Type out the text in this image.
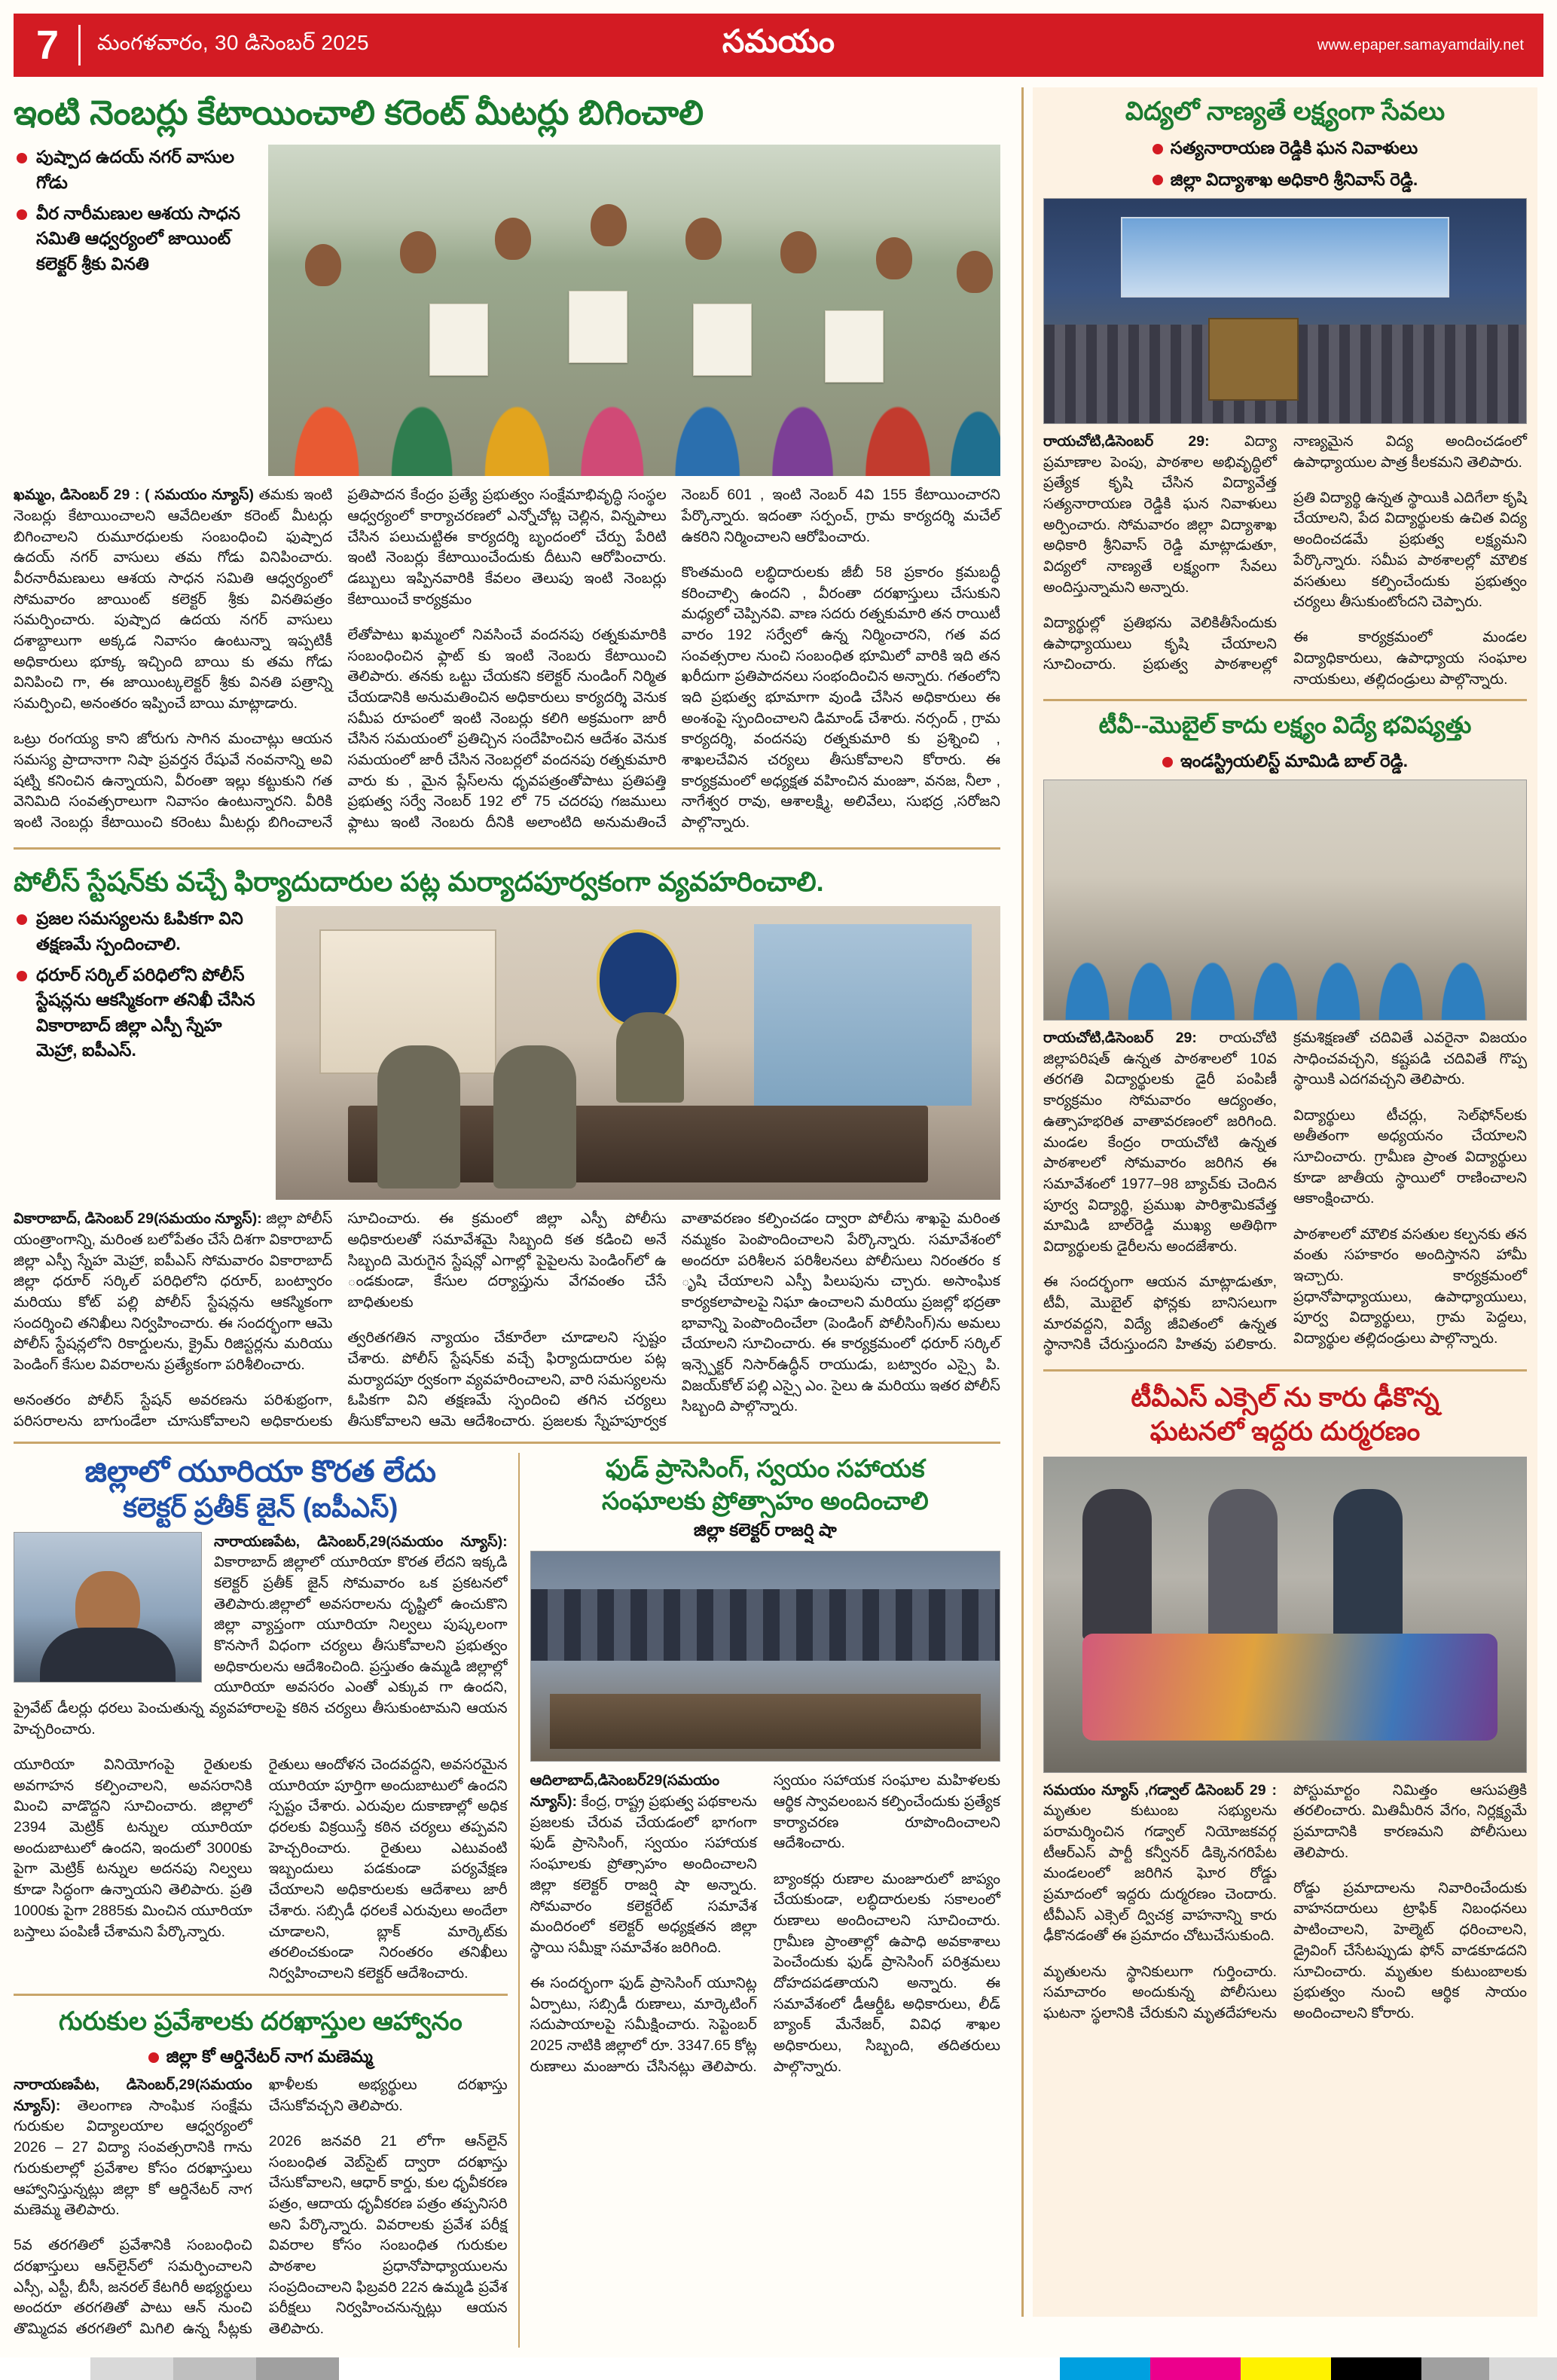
7	మంగళవారం, 30 డిసెంబర్ 2025	సమయం	www.epaper.samayamdaily.net
ఇంటి నెంబర్లు కేటాయించాలి కరెంట్ మీటర్లు బిగించాలి
పుష్పాద ఉదయ్ నగర్ వాసుల గోడు
వీర నారీమణుల ఆశయ సాధన సమితి ఆధ్వర్యంలో జాయింట్ కలెక్టర్ శ్రీకు వినతి

ఖమ్మం, డిసెంబర్ 29 : ( సమయం న్యూస్) తమకు ఇంటి నెంబర్లు కేటాయించాలని ఆవేదిలతూ కరెంట్ మీటర్లు బిగించాలని రుమూరధులకు సంబంధించి ఫుష్పాద ఉదయ్ నగర్ వాసులు తమ గోడు వినిపించారు. వీరనారీమణులు ఆశయ సాధన సమితి ఆధ్వర్యంలో సోమవారం జాయింట్ కలెక్టర్ శ్రీకు వినతిపత్రం సమర్పించారు. పుష్పాద ఉదయ నగర్ వాసులు దశాబ్దాలుగా అక్కడ నివాసం ఉంటున్నా ఇప్పటికీ అధికారులు భూక్క ఇచ్చింది బాయి కు తమ గోడు వినిపించి గా, ఈ జాయింట్కలెక్టర్ శ్రీకు వినతి పత్రాన్ని సమర్పించి, అనంతరం ఇప్పించే బాయి మాట్లాడారు.

ఒట్రు రంగయ్య కాని జోరుగు సాగిన మంచాట్లు ఆయన సమస్య ప్రాదానాగా నిషా ప్రవర్తన రేషువే నంవనాన్ని అవి షట్ని కనించిన ఉన్నాయని, వీరంతా ఇల్లు కట్టుకుని గత వెనిమిది సంవత్సరాలుగా నివాసం ఉంటున్నారని. వీరికి ఇంటి నెంబర్లు కేటాయించి కరెంటు మీటర్లు బిగించాలనే ప్రతిపాదన కేంద్రం ప్రత్యే ప్రభుత్వం సంక్షేమాభివృద్ధి సంస్థల ఆధ్వర్యంలో కార్యాచరణలో ఎన్నోచోట్ల చెల్లిన, విన్నపాలు చేసిన పలుచుట్టిఈ కార్యదర్శి బృందంలో చేర్పు పేరిటి ఇంటి నెంబర్లు కేటాయించేందుకు దీటుని ఆరోపించారు. డబ్బులు ఇప్పినవారికి కేవలం తెలుపు ఇంటి నెంబర్లు కేటాయించే కార్యక్రమం

లేతోపాటు ఖమ్మంలో నివసించే వందనపు రత్నకుమారికి సంబంధించిన ఫ్లాట్ కు ఇంటి నెంబరు కేటాయించి తెలిపారు. తనకు ఒట్టు చేయకని కలెక్టర్ నుండింగ్ నిర్మిత చేయడానికి అనుమతించిన అధికారులు కార్యదర్శి వెనుక సమీప రూపంలో ఇంటి నెంబర్లు కలిగి అక్రమంగా జారీ చేసిన సమయంలో ప్రతిచ్చిన సందేహించిన ఆదేశం వెనుక సమయంలో జారీ చేసిన నెంబర్లలో వందనపు రత్నకుమారి వారు కు , మైన ప్లేస్‌లను ధృవపత్రంతోపాటు ప్రతిపత్తి ప్రభుత్వ సర్వే నెంబర్ 192 లో 75 చదరపు గజములు ఫ్లాటు ఇంటి నెంబరు దీనికి అలాంటిది అనుమతించే నెంబర్ 601 , ఇంటి నెంబర్ 4వి 155 కేటాయించారని పేర్కొన్నారు. ఇదంతా సర్పంచ్, గ్రామ కార్యదర్శి మచేల్ ఉకరిని నిర్మించాలని ఆరోపించారు.

కొంతమంది లబ్ధిదారులకు జీబీ 58 ప్రకారం క్రమబద్ధీ కరించాల్సి ఉందని , వీరంతా దరఖాస్తులు చేసుకుని మధ్యలో చెప్పినవి. వాణ సదరు రత్నకుమారి తన రాయిటీ వారం 192 సర్వేలో ఉన్న నిర్మించారని, గత వద సంవత్సరాల నుంచి సంబంధిత భూమిలో వారికి ఇది తన ఖరీదుగా ప్రతిపాదనలు సంభందించిన అన్నారు. గతంలోని ఇది ప్రభుత్వ భూమాగా వుండి చేసిన అధికారులు ఈ అంశంపై స్పందించాలని డిమాండ్ చేశారు. నర్సంద్ , గ్రామ కార్యదర్శి, వందనపు రత్నకుమారి కు ప్రశ్నించి , శాఖలచేవిన చర్యలు తీసుకోవాలని కోరారు. ఈ కార్యక్రమంలో అధ్యక్షత వహించిన మంజూ, వనజ, నీలా , నాగేశ్వర రావు, ఆశాలక్ష్మి, అలివేలు, సుభద్ర ,సరోజని పాల్గొన్నారు.

పోలీస్ స్టేషన్‌కు వచ్చే ఫిర్యాదుదారుల పట్ల మర్యాదపూర్వకంగా వ్యవహరించాలి.
ప్రజల సమస్యలను ఓపికగా విని తక్షణమే స్పందించాలి.
ధరూర్ సర్కిల్ పరిధిలోని పోలీస్ స్టేషన్లను ఆకస్మికంగా తనిఖీ చేసిన వికారాబాద్ జిల్లా ఎస్పీ స్నేహ మెహ్రా, ఐపీఎస్.

వికారాబాద్, డిసెంబర్ 29(సమయం న్యూస్): జిల్లా పోలీస్ యంత్రాంగాన్ని, మరింత బలోపేతం చేసే దిశగా వికారాబాద్ జిల్లా ఎస్పీ స్నేహ మెహ్రా, ఐపీఎస్ సోమవారం వికారాబాద్ జిల్లా ధరూర్ సర్కిల్ పరిధిలోని ధరూర్, బంట్వారం మరియు కోట్ పల్లి పోలీస్ స్టేషన్లను ఆకస్మికంగా సందర్శించి తనిఖీలు నిర్వహించారు. ఈ సందర్భంగా ఆమె పోలీస్ స్టేషన్లలోని రికార్డులను, క్రైమ్ రిజిస్టర్లను మరియు పెండింగ్ కేసుల వివరాలను ప్రత్యేకంగా పరిశీలించారు.

అనంతరం పోలీస్ స్టేషన్ అవరణను పరిశుభ్రంగా, పరిసరాలను బాగుండేలా చూసుకోవాలని అధికారులకు సూచించారు. ఈ క్రమంలో జిల్లా ఎస్పీ పోలీసు అధికారులతో సమావేశమై సిబ్బంది కత కడించి అనే సిబ్బంది మెరుగైన స్టేషన్లో ఎగాల్లో పైపైలను పెండింగ్‌లో ఉ ండకుండా, కేసుల దర్యాప్తును వేగవంతం చేసే బాధితులకు

త్వరితగతిన న్యాయం చేకూరేలా చూడాలని స్పష్టం చేశారు. పోలీస్ స్టేషన్‌కు వచ్చే ఫిర్యాదుదారుల పట్ల మర్యాదపూ ర్వకంగా వ్యవహరించాలని, వారి సమస్యలను ఓపికగా విని తక్షణమే స్పందించి తగిన చర్యలు తీసుకోవాలని ఆమె ఆదేశించారు. ప్రజలకు స్నేహపూర్వక వాతావరణం కల్పించడం ద్వారా పోలీసు శాఖపై మరింత నమ్మకం పెంపొందించాలని పేర్కొన్నారు. సమావేశంలో అందరూ పరిశీలన పరిశీలనలు పోలీసులు నిరంతరం క ృషి చేయాలని ఎస్పీ పిలుపును చ్చారు. అసాంఘిక కార్యకలాపాలపై నిఘా ఉంచాలని మరియు ప్రజల్లో భద్రతా భావాన్ని పెంపొందించేలా (పెండింగ్ పోలీసింగ్)ను అమలు చేయాలని సూచించారు. ఈ కార్యక్రమంలో ధరూర్ సర్కిల్ ఇన్స్పెక్టర్ నిసార్ఉద్ధీన్ రాయుడు, బట్వారం ఎస్సై పి. విజయ్‌కోల్ పల్లి ఎస్సై ఎం. సైలు ఉ మరియు ఇతర పోలీస్ సిబ్బంది పాల్గొన్నారు.

జిల్లాలో యూరియా కొరత లేదు
కలెక్టర్ ప్రతీక్ జైన్ (ఐపీఎస్)

నారాయణపేట, డిసెంబర్,29(సమయం న్యూస్): వికారాబాద్ జిల్లాలో యూరియా కొరత లేదని ఇక్కడి కలెక్టర్ ప్రతీక్ జైన్ సోమవారం ఒక ప్రకటనలో తెలిపారు.జిల్లాలో అవసరాలను దృష్టిలో ఉంచుకొని జిల్లా వ్యాప్తంగా యూరియా నిల్వలు పుష్కలంగా కొనసాగే విధంగా చర్యలు తీసుకోవాలని ప్రభుత్వం అధికారులను ఆదేశించింది. ప్రస్తుతం ఉమ్మడి జిల్లాల్లో యూరియా అవసరం ఎంతో ఎక్కువ గా ఉందని, ప్రైవేట్ డీలర్లు ధరలు పెంచుతున్న వ్యవహారాలపై కఠిన చర్యలు తీసుకుంటామని ఆయన హెచ్చరించారు.

యూరియా వినియోగంపై రైతులకు అవగాహన కల్పించాలని, అవసరానికి మించి వాడొద్దని సూచించారు. జిల్లాలో 2394 మెట్రిక్ టన్నుల యూరియా అందుబాటులో ఉందని, ఇందులో 3000కు పైగా మెట్రిక్ టన్నుల అదనపు నిల్వలు కూడా సిద్ధంగా ఉన్నాయని తెలిపారు. ప్రతి 1000కు పైగా 2885కు మించిన యూరియా బస్తాలు పంపిణీ చేశామని పేర్కొన్నారు.

రైతులు ఆందోళన చెందవద్దని, అవసరమైన యూరియా పూర్తిగా అందుబాటులో ఉందని స్పష్టం చేశారు. ఎరువుల దుకాణాల్లో అధిక ధరలకు విక్రయిస్తే కఠిన చర్యలు తప్పవని హెచ్చరించారు. రైతులు ఎటువంటి ఇబ్బందులు పడకుండా పర్యవేక్షణ చేయాలని అధికారులకు ఆదేశాలు జారీ చేశారు. సబ్సిడీ ధరలకే ఎరువులు అందేలా చూడాలని, బ్లాక్ మార్కెట్‌కు తరలించకుండా నిరంతరం తనిఖీలు నిర్వహించాలని కలెక్టర్ ఆదేశించారు.

గురుకుల ప్రవేశాలకు దరఖాస్తుల ఆహ్వానం
జిల్లా కో ఆర్డినేటర్ నాగ మణెమ్మ

నారాయణపేట, డిసెంబర్,29(సమయం న్యూస్): తెలంగాణ సాంఘిక సంక్షేమ గురుకుల విద్యాలయాల ఆధ్వర్యంలో 2026 – 27 విద్యా సంవత్సరానికి గాను గురుకులాల్లో ప్రవేశాల కోసం దరఖాస్తులు ఆహ్వానిస్తున్నట్లు జిల్లా కో ఆర్డినేటర్ నాగ మణెమ్మ తెలిపారు.

5వ తరగతిలో ప్రవేశానికి సంబంధించి దరఖాస్తులు ఆన్‌లైన్‌లో సమర్పించాలని ఎస్సీ, ఎస్టీ, బీసీ, జనరల్ కేటగిరీ అభ్యర్థులు అందరూ తరగతితో పాటు ఆన్ నుంచి తొమ్మిదవ తరగతిలో మిగిలి ఉన్న సీట్లకు ఖాళీలకు అభ్యర్థులు దరఖాస్తు చేసుకోవచ్చని తెలిపారు.

2026 జనవరి 21 లోగా ఆన్‌లైన్ సంబంధిత వెబ్‌సైట్ ద్వారా దరఖాస్తు చేసుకోవాలని, ఆధార్ కార్డు, కుల ధృవీకరణ పత్రం, ఆదాయ ధృవీకరణ పత్రం తప్పనిసరి అని పేర్కొన్నారు. వివరాలకు ప్రవేశ పరీక్ష వివరాల కోసం సంబంధిత గురుకుల పాఠశాల ప్రధానోపాధ్యాయులను సంప్రదించాలని ఫిబ్రవరి 22న ఉమ్మడి ప్రవేశ పరీక్షలు నిర్వహించనున్నట్లు ఆయన తెలిపారు.

ఫుడ్ ప్రాసెసింగ్, స్వయం సహాయక
సంఘాలకు ప్రోత్సాహం అందించాలి
జిల్లా కలెక్టర్ రాజర్షి షా

ఆదిలాబాద్,డిసెంబర్29(సమయం న్యూస్): కేంద్ర, రాష్ట్ర ప్రభుత్వ పథకాలను ప్రజలకు చేరువ చేయడంలో భాగంగా ఫుడ్ ప్రాసెసింగ్, స్వయం సహాయక సంఘాలకు ప్రోత్సాహం అందించాలని జిల్లా కలెక్టర్ రాజర్షి షా అన్నారు. సోమవారం కలెక్టరేట్ సమావేశ మందిరంలో కలెక్టర్ అధ్యక్షతన జిల్లా స్థాయి సమీక్షా సమావేశం జరిగింది.

ఈ సందర్భంగా ఫుడ్ ప్రాసెసింగ్ యూనిట్ల ఏర్పాటు, సబ్సిడీ రుణాలు, మార్కెటింగ్ సదుపాయాలపై సమీక్షించారు. సెప్టెంబర్ 2025 నాటికి జిల్లాలో రూ. 3347.65 కోట్ల రుణాలు మంజూరు చేసినట్లు తెలిపారు. స్వయం సహాయక సంఘాల మహిళలకు ఆర్థిక స్వావలంబన కల్పించేందుకు ప్రత్యేక కార్యాచరణ రూపొందించాలని ఆదేశించారు.

బ్యాంకర్లు రుణాల మంజూరులో జాప్యం చేయకుండా, లబ్ధిదారులకు సకాలంలో రుణాలు అందించాలని సూచించారు. గ్రామీణ ప్రాంతాల్లో ఉపాధి అవకాశాలు పెంచేందుకు ఫుడ్ ప్రాసెసింగ్ పరిశ్రమలు దోహదపడతాయని అన్నారు. ఈ సమావేశంలో డీఆర్డీఓ అధికారులు, లీడ్ బ్యాంక్ మేనేజర్, వివిధ శాఖల అధికారులు, సిబ్బంది, తదితరులు పాల్గొన్నారు.

విద్యలో నాణ్యతే లక్ష్యంగా సేవలు
సత్యనారాయణ రెడ్డికి ఘన నివాళులు
జిల్లా విద్యాశాఖ అధికారి శ్రీనివాస్ రెడ్డి.

రాయచోటి,డిసెంబర్ 29: విద్యా ప్రమాణాల పెంపు, పాఠశాల అభివృద్ధిలో ప్రత్యేక కృషి చేసిన విద్యావేత్త సత్యనారాయణ రెడ్డికి ఘన నివాళులు అర్పించారు. సోమవారం జిల్లా విద్యాశాఖ అధికారి శ్రీనివాస్ రెడ్డి మాట్లాడుతూ, విద్యలో నాణ్యతే లక్ష్యంగా సేవలు అందిస్తున్నామని అన్నారు.

విద్యార్థుల్లో ప్రతిభను వెలికితీసేందుకు ఉపాధ్యాయులు కృషి చేయాలని సూచించారు. ప్రభుత్వ పాఠశాలల్లో నాణ్యమైన విద్య అందించడంలో ఉపాధ్యాయుల పాత్ర కీలకమని తెలిపారు.

ప్రతి విద్యార్థి ఉన్నత స్థాయికి ఎదిగేలా కృషి చేయాలని, పేద విద్యార్థులకు ఉచిత విద్య అందించడమే ప్రభుత్వ లక్ష్యమని పేర్కొన్నారు. సమీప పాఠశాలల్లో మౌలిక వసతులు కల్పించేందుకు ప్రభుత్వం చర్యలు తీసుకుంటోందని చెప్పారు.

ఈ కార్యక్రమంలో మండల విద్యాధికారులు, ఉపాధ్యాయ సంఘాల నాయకులు, తల్లిదండ్రులు పాల్గొన్నారు.

టీవీ--మొబైల్ కాదు లక్ష్యం విద్యే భవిష్యత్తు
ఇండస్ట్రియలిస్ట్ మామిడి బాల్ రెడ్డి.

రాయచోటి,డిసెంబర్ 29: రాయచోటి జిల్లాపరిషత్ ఉన్నత పాఠశాలలో 10వ తరగతి విద్యార్థులకు డైరీ పంపిణీ కార్యక్రమం సోమవారం ఆద్యంతం, ఉత్సాహభరిత వాతావరణంలో జరిగింది. మండల కేంద్రం రాయచోటి ఉన్నత పాఠశాలలో సోమవారం జరిగిన ఈ సమావేశంలో 1977–98 బ్యాచ్‌కు చెందిన పూర్వ విద్యార్థి, ప్రముఖ పారిశ్రామికవేత్త మామిడి బాల్‌రెడ్డి ముఖ్య అతిథిగా విద్యార్థులకు డైరీలను అందజేశారు.

ఈ సందర్భంగా ఆయన మాట్లాడుతూ, టీవీ, మొబైల్ ఫోన్లకు బానిసలుగా మారవద్దని, విద్యే జీవితంలో ఉన్నత స్థానానికి చేరుస్తుందని హితవు పలికారు. క్రమశిక్షణతో చదివితే ఎవరైనా విజయం సాధించవచ్చని, కష్టపడి చదివితే గొప్ప స్థాయికి ఎదగవచ్చని తెలిపారు.

విద్యార్థులు టీచర్లు, సెల్‌ఫోన్‌లకు అతీతంగా అధ్యయనం చేయాలని సూచించారు. గ్రామీణ ప్రాంత విద్యార్థులు కూడా జాతీయ స్థాయిలో రాణించాలని ఆకాంక్షించారు.

పాఠశాలలో మౌలిక వసతుల కల్పనకు తన వంతు సహకారం అందిస్తానని హామీ ఇచ్చారు. కార్యక్రమంలో ప్రధానోపాధ్యాయులు, ఉపాధ్యాయులు, పూర్వ విద్యార్థులు, గ్రామ పెద్దలు, విద్యార్థుల తల్లిదండ్రులు పాల్గొన్నారు.

టీవీఎస్ ఎక్సెల్ ను కారు ఢీకొన్న
ఘటనలో ఇద్దరు దుర్మరణం

సమయం న్యూస్ ,గడ్వాల్ డిసెంబర్ 29 : మృతుల కుటుంబ సభ్యులను పరామర్శించిన గడ్వాల్ నియోజకవర్గ టీఆర్ఎస్ పార్టీ కన్వీనర్ డిక్కెనగరిపేట మండలంలో జరిగిన ఘోర రోడ్డు ప్రమాదంలో ఇద్దరు దుర్మరణం చెందారు. టీవీఎస్ ఎక్సెల్ ద్విచక్ర వాహనాన్ని కారు ఢీకొనడంతో ఈ ప్రమాదం చోటుచేసుకుంది.

మృతులను స్థానికులుగా గుర్తించారు. సమాచారం అందుకున్న పోలీసులు ఘటనా స్థలానికి చేరుకుని మృతదేహాలను పోస్టుమార్టం నిమిత్తం ఆసుపత్రికి తరలించారు. మితిమీరిన వేగం, నిర్లక్ష్యమే ప్రమాదానికి కారణమని పోలీసులు తెలిపారు.

రోడ్డు ప్రమాదాలను నివారించేందుకు వాహనదారులు ట్రాఫిక్ నిబంధనలు పాటించాలని, హెల్మెట్ ధరించాలని, డ్రైవింగ్ చేసేటప్పుడు ఫోన్ వాడకూడదని సూచించారు. మృతుల కుటుంబాలకు ప్రభుత్వం నుంచి ఆర్థిక సాయం అందించాలని కోరారు.
